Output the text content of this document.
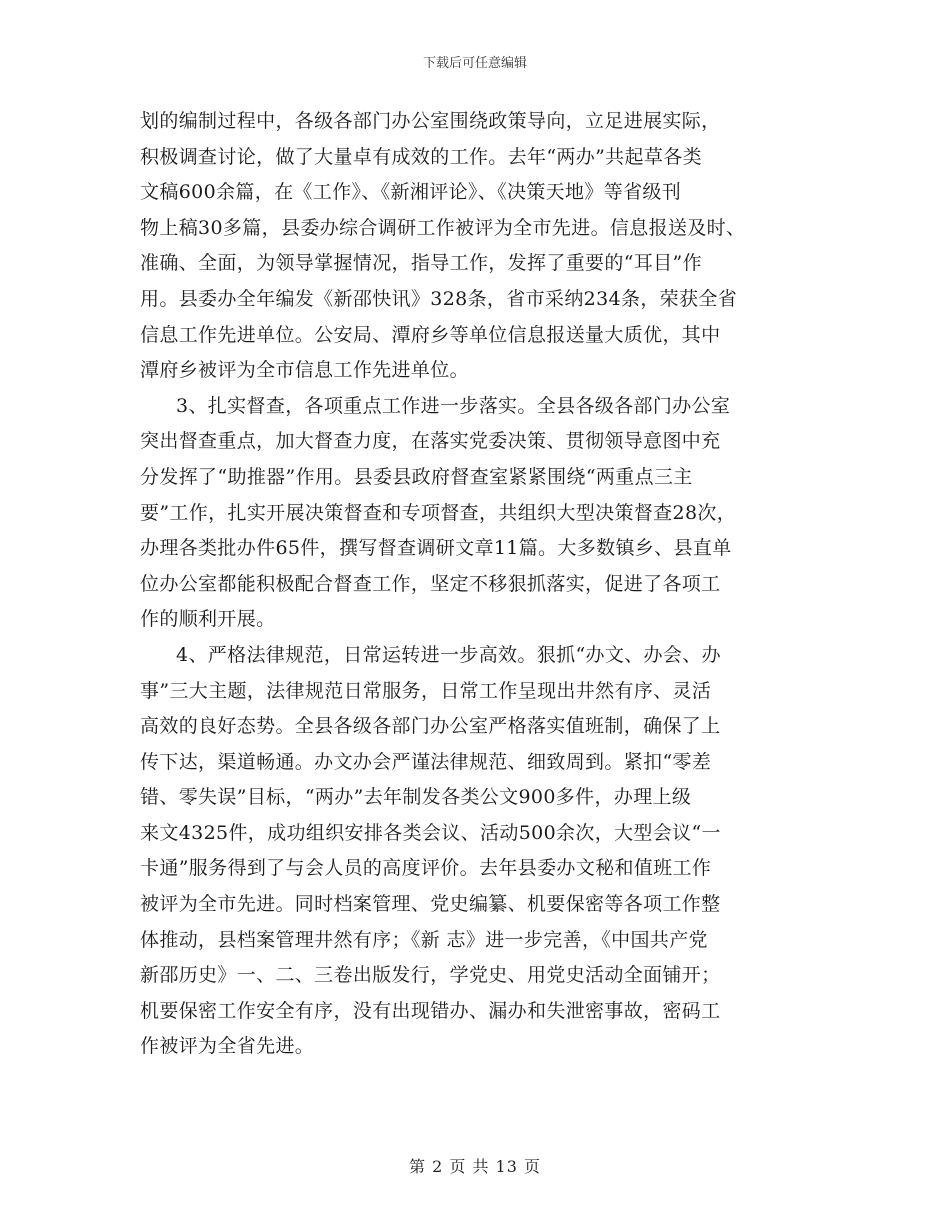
下载后可任意编辑
划的编制过程中，各级各部门办公室围绕政策导向，立足进展实际，
积极调查讨论，做了大量卓有成效的工作。去年“两办”共起草各类
文稿600余篇，在《工作》、《新湘评论》、《决策天地》等省级刊
物上稿30多篇，县委办综合调研工作被评为全市先进。信息报送及时、
准确、全面，为领导掌握情况，指导工作，发挥了重要的“耳目”作
用。县委办全年编发《新邵快讯》328条，省市采纳234条，荣获全省
信息工作先进单位。公安局、潭府乡等单位信息报送量大质优，其中
潭府乡被评为全市信息工作先进单位。
3、扎实督查，各项重点工作进一步落实。全县各级各部门办公室
突出督查重点，加大督查力度，在落实党委决策、贯彻领导意图中充
分发挥了“助推器”作用。县委县政府督查室紧紧围绕“两重点三主
要”工作，扎实开展决策督查和专项督查，共组织大型决策督查28次，
办理各类批办件65件，撰写督查调研文章11篇。大多数镇乡、县直单
位办公室都能积极配合督查工作，坚定不移狠抓落实，促进了各项工
作的顺利开展。
4、严格法律规范，日常运转进一步高效。狠抓“办文、办会、办
事”三大主题，法律规范日常服务，日常工作呈现出井然有序、灵活
高效的良好态势。全县各级各部门办公室严格落实值班制，确保了上
传下达，渠道畅通。办文办会严谨法律规范、细致周到。紧扣“零差
错、零失误”目标，“两办”去年制发各类公文900多件，办理上级
来文4325件，成功组织安排各类会议、活动500余次，大型会议“一
卡通”服务得到了与会人员的高度评价。去年县委办文秘和值班工作
被评为全市先进。同时档案管理、党史编纂、机要保密等各项工作整
体推动，县档案管理井然有序；《新 志》进一步完善，《中国共产党
新邵历史》一、二、三卷出版发行，学党史、用党史活动全面铺开；
机要保密工作安全有序，没有出现错办、漏办和失泄密事故，密码工
作被评为全省先进。
第 2 页 共 13 页
